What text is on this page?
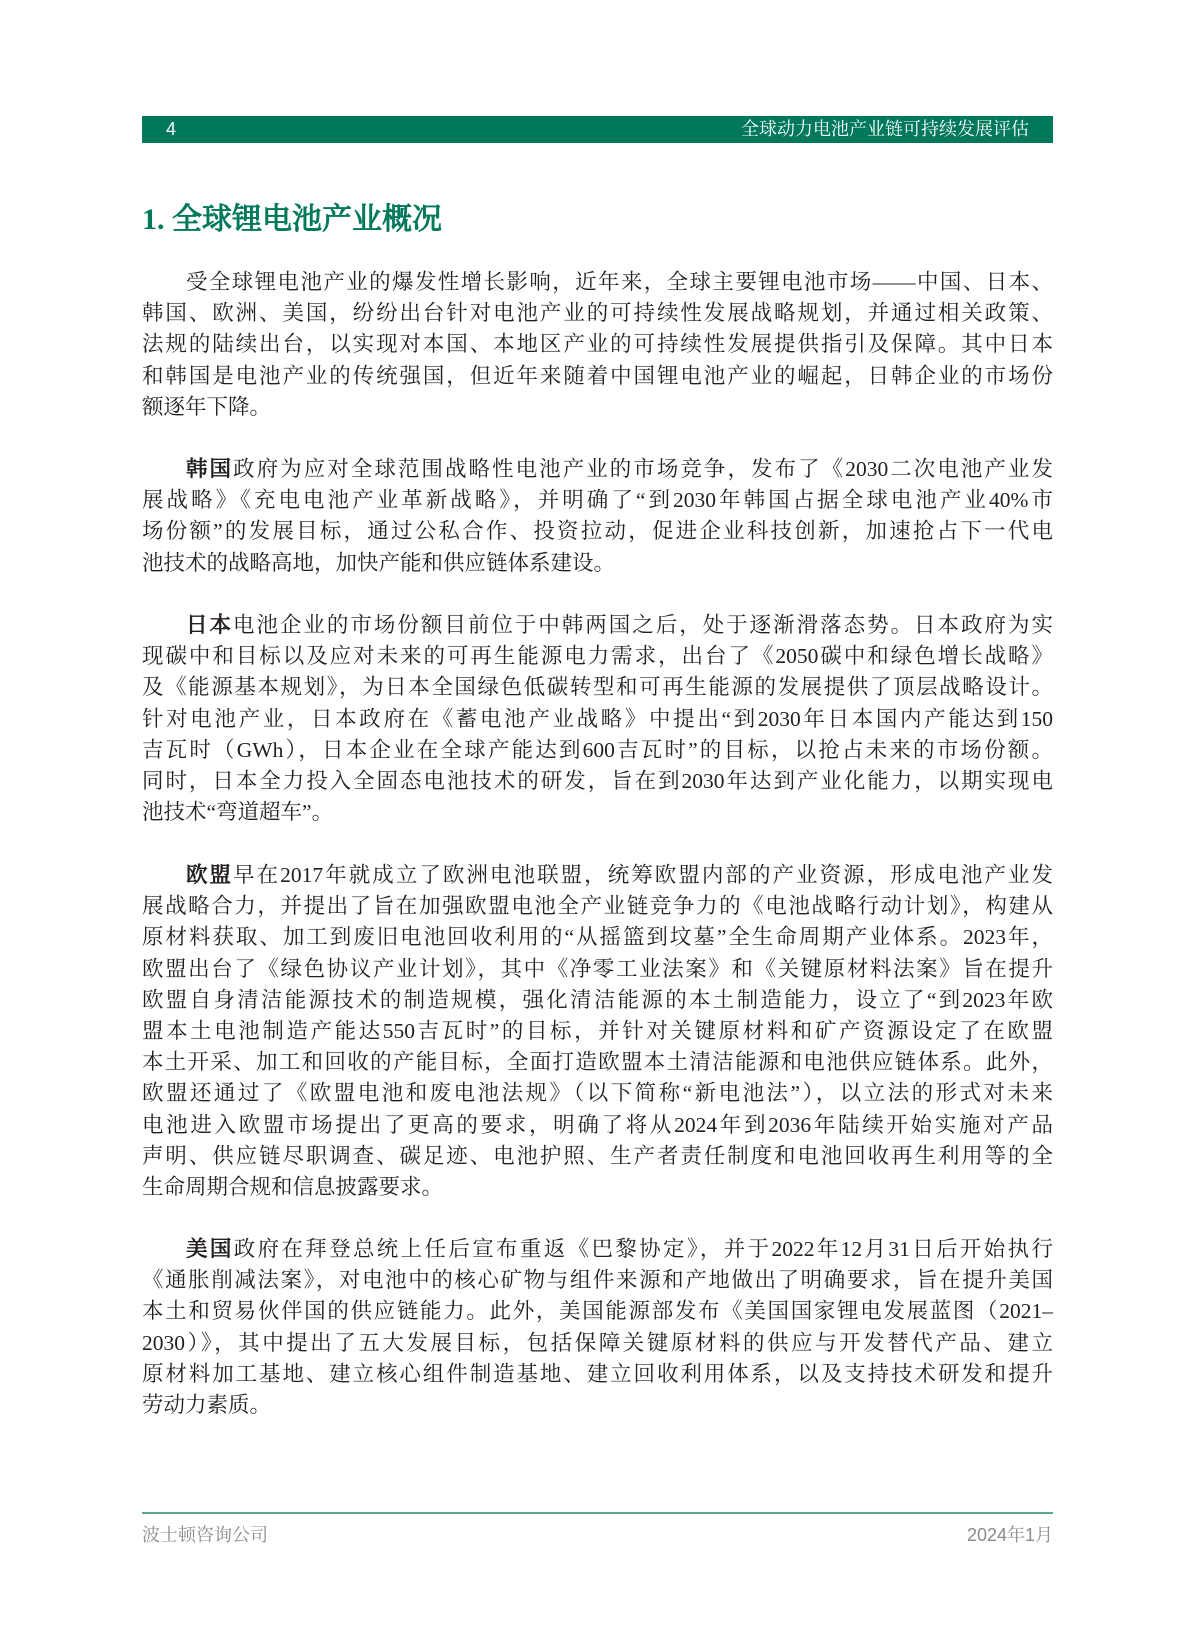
4	全球动力电池产业链可持续发展评估
1. 全球锂电池产业概况
受全球锂电池产业的爆发性增长影响，近年来，全球主要锂电池市场——中国、日本、
韩国、欧洲、美国，纷纷出台针对电池产业的可持续性发展战略规划，并通过相关政策、
法规的陆续出台，以实现对本国、本地区产业的可持续性发展提供指引及保障。其中日本
和韩国是电池产业的传统强国，但近年来随着中国锂电池产业的崛起，日韩企业的市场份
额逐年下降。
韩国政府为应对全球范围战略性电池产业的市场竞争，发布了《2030二次电池产业发
展战略》《充电电池产业革新战略》，并明确了“到2030年韩国占据全球电池产业40%市
场份额”的发展目标，通过公私合作、投资拉动，促进企业科技创新，加速抢占下一代电
池技术的战略高地，加快产能和供应链体系建设。
日本电池企业的市场份额目前位于中韩两国之后，处于逐渐滑落态势。日本政府为实
现碳中和目标以及应对未来的可再生能源电力需求，出台了《2050碳中和绿色增长战略》
及《能源基本规划》，为日本全国绿色低碳转型和可再生能源的发展提供了顶层战略设计。
针对电池产业，日本政府在《蓄电池产业战略》中提出“到2030年日本国内产能达到150
吉瓦时（GWh），日本企业在全球产能达到600吉瓦时”的目标，以抢占未来的市场份额。
同时，日本全力投入全固态电池技术的研发，旨在到2030年达到产业化能力，以期实现电
池技术“弯道超车”。
欧盟早在2017年就成立了欧洲电池联盟，统筹欧盟内部的产业资源，形成电池产业发
展战略合力，并提出了旨在加强欧盟电池全产业链竞争力的《电池战略行动计划》，构建从
原材料获取、加工到废旧电池回收利用的“从摇篮到坟墓”全生命周期产业体系。2023年，
欧盟出台了《绿色协议产业计划》，其中《净零工业法案》和《关键原材料法案》旨在提升
欧盟自身清洁能源技术的制造规模，强化清洁能源的本土制造能力，设立了“到2023年欧
盟本土电池制造产能达550吉瓦时”的目标，并针对关键原材料和矿产资源设定了在欧盟
本土开采、加工和回收的产能目标，全面打造欧盟本土清洁能源和电池供应链体系。此外，
欧盟还通过了《欧盟电池和废电池法规》（以下简称“新电池法”），以立法的形式对未来
电池进入欧盟市场提出了更高的要求，明确了将从2024年到2036年陆续开始实施对产品
声明、供应链尽职调查、碳足迹、电池护照、生产者责任制度和电池回收再生利用等的全
生命周期合规和信息披露要求。
美国政府在拜登总统上任后宣布重返《巴黎协定》，并于2022年12月31日后开始执行
《通胀削减法案》，对电池中的核心矿物与组件来源和产地做出了明确要求，旨在提升美国
本土和贸易伙伴国的供应链能力。此外，美国能源部发布《美国国家锂电发展蓝图（2021–
2030）》，其中提出了五大发展目标，包括保障关键原材料的供应与开发替代产品、建立
原材料加工基地、建立核心组件制造基地、建立回收利用体系，以及支持技术研发和提升
劳动力素质。
波士顿咨询公司	2024年1月
